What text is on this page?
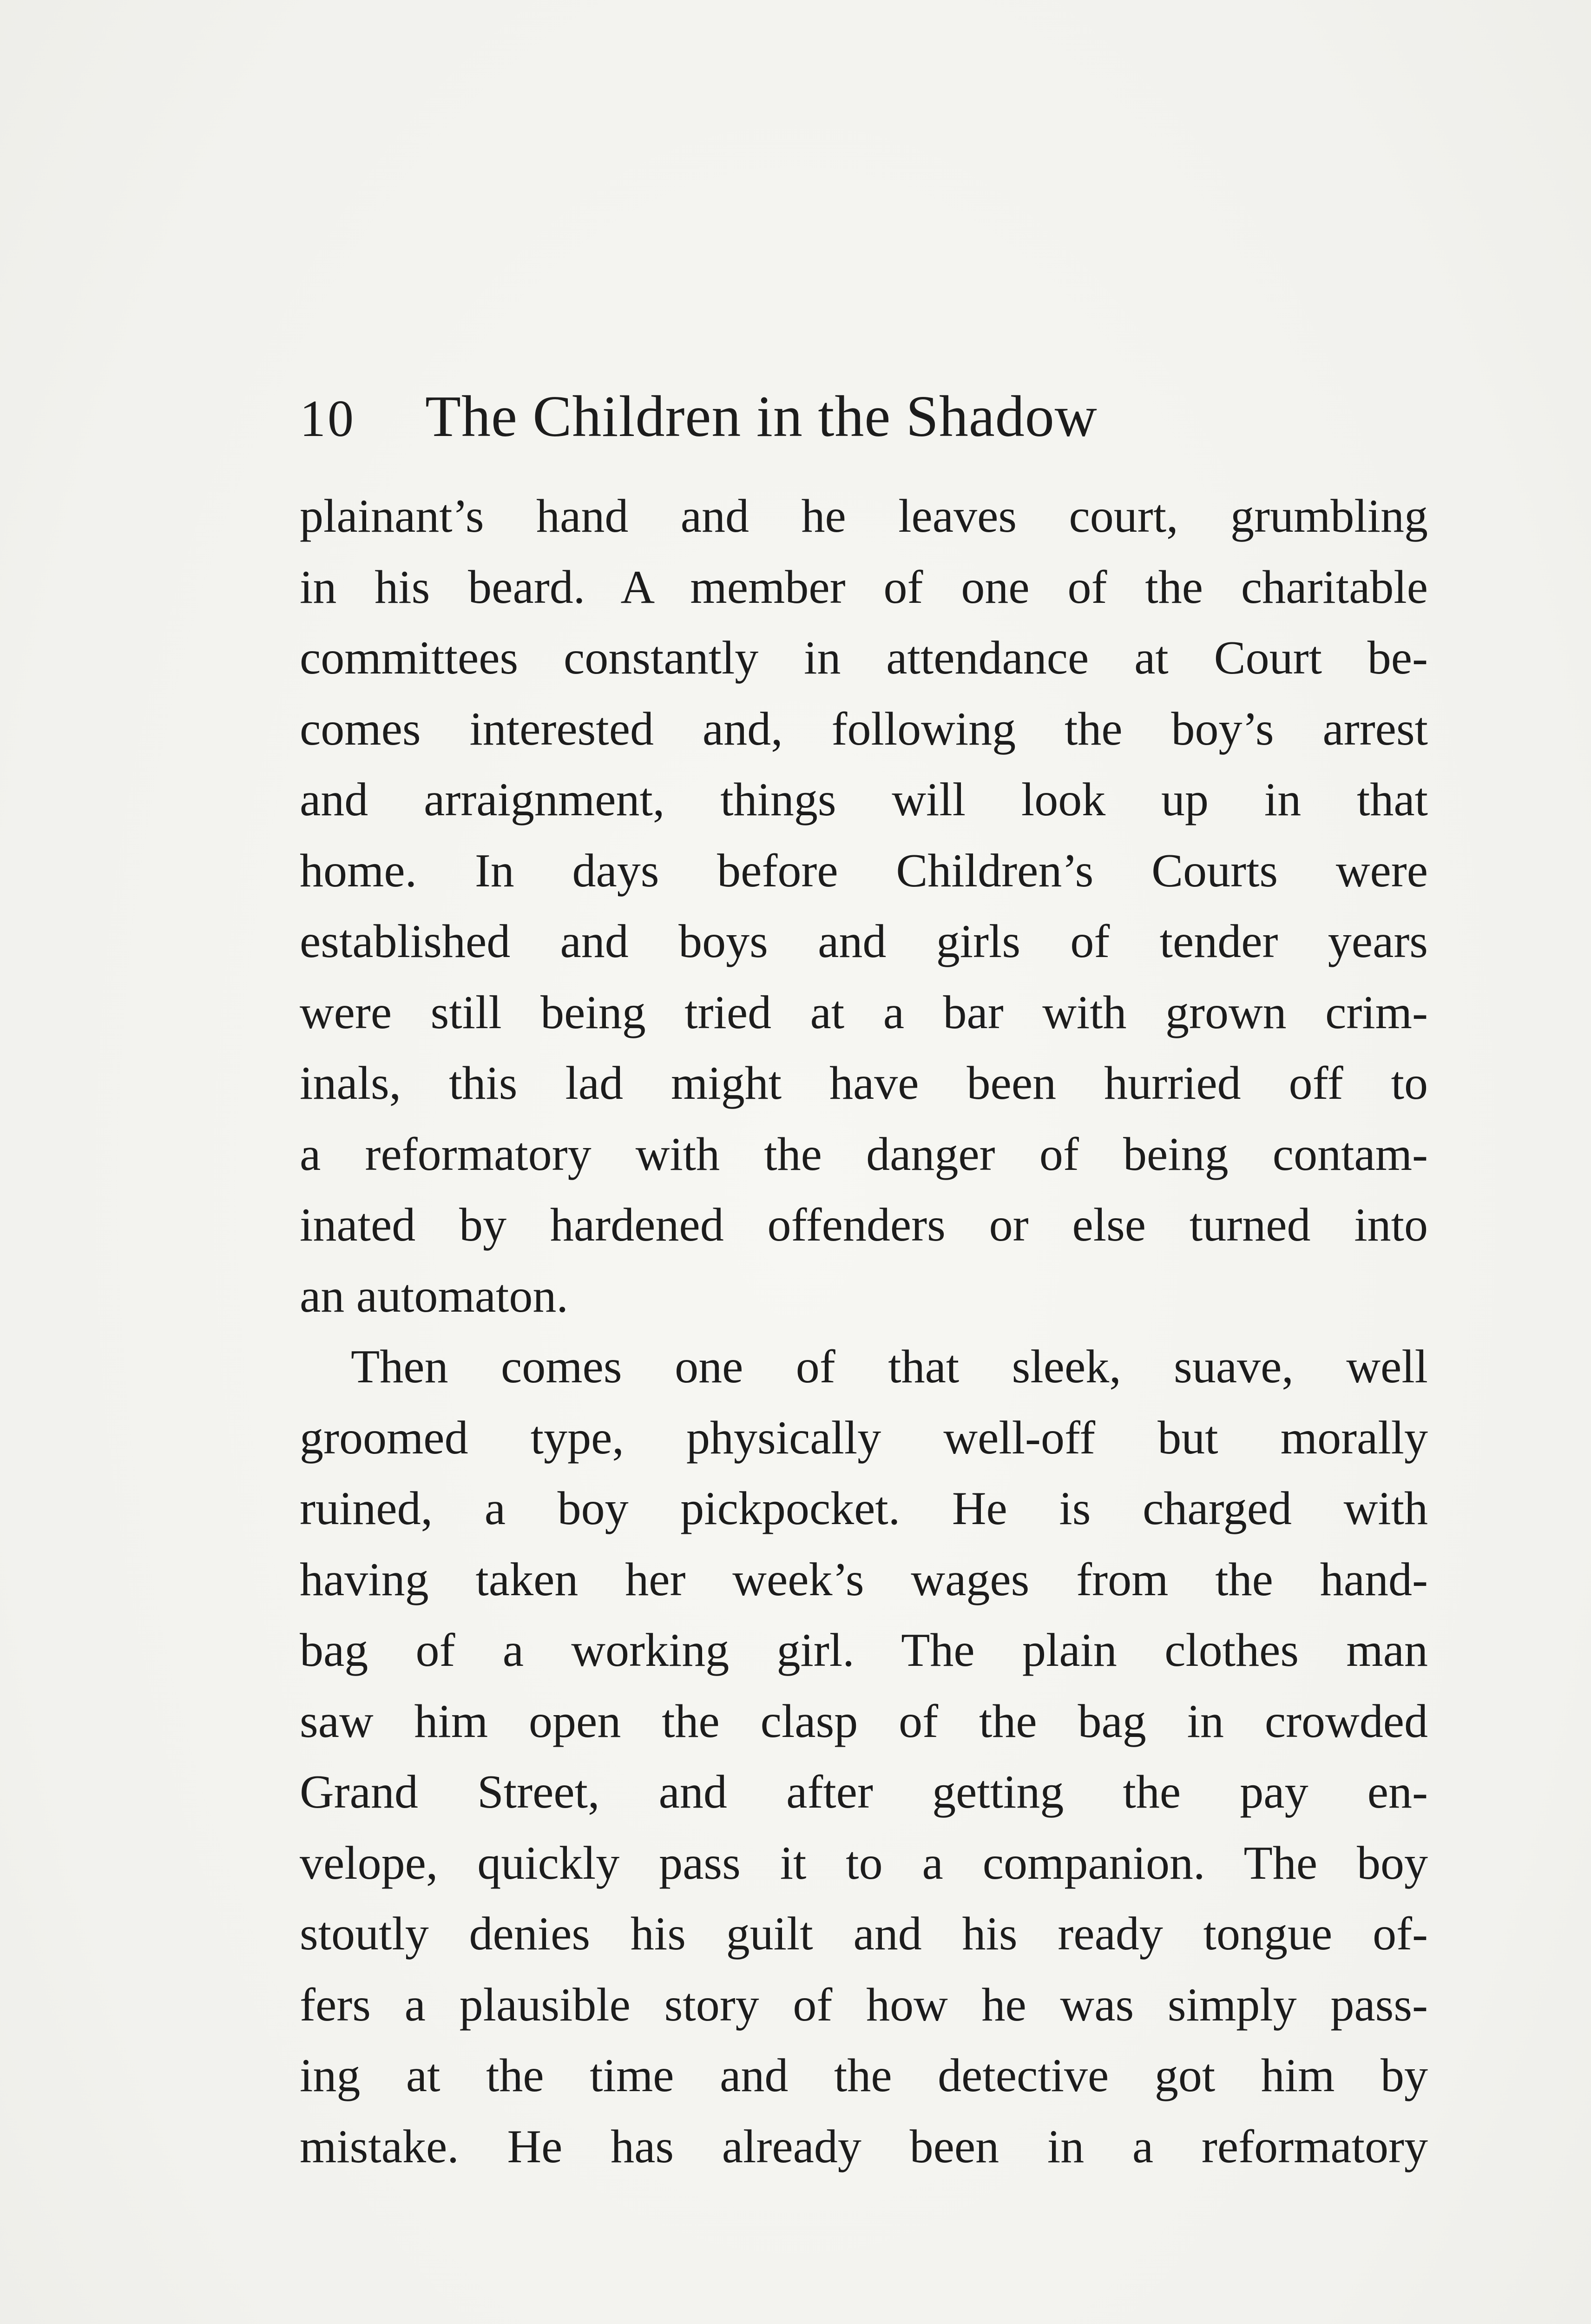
10 The Children in the Shadow
plainant’s hand and he leaves court, grumbling
in his beard. A member of one of the charitable
committees constantly in attendance at Court be-
comes interested and, following the boy’s arrest
and arraignment, things will look up in that
home. In days before Children’s Courts were
established and boys and girls of tender years
were still being tried at a bar with grown crim-
inals, this lad might have been hurried off to
a reformatory with the danger of being contam-
inated by hardened offenders or else turned into
an automaton.
Then comes one of that sleek, suave, well
groomed type, physically well-off but morally
ruined, a boy pickpocket. He is charged with
having taken her week’s wages from the hand-
bag of a working girl. The plain clothes man
saw him open the clasp of the bag in crowded
Grand Street, and after getting the pay en-
velope, quickly pass it to a companion. The boy
stoutly denies his guilt and his ready tongue of-
fers a plausible story of how he was simply pass-
ing at the time and the detective got him by
mistake. He has already been in a reformatory
